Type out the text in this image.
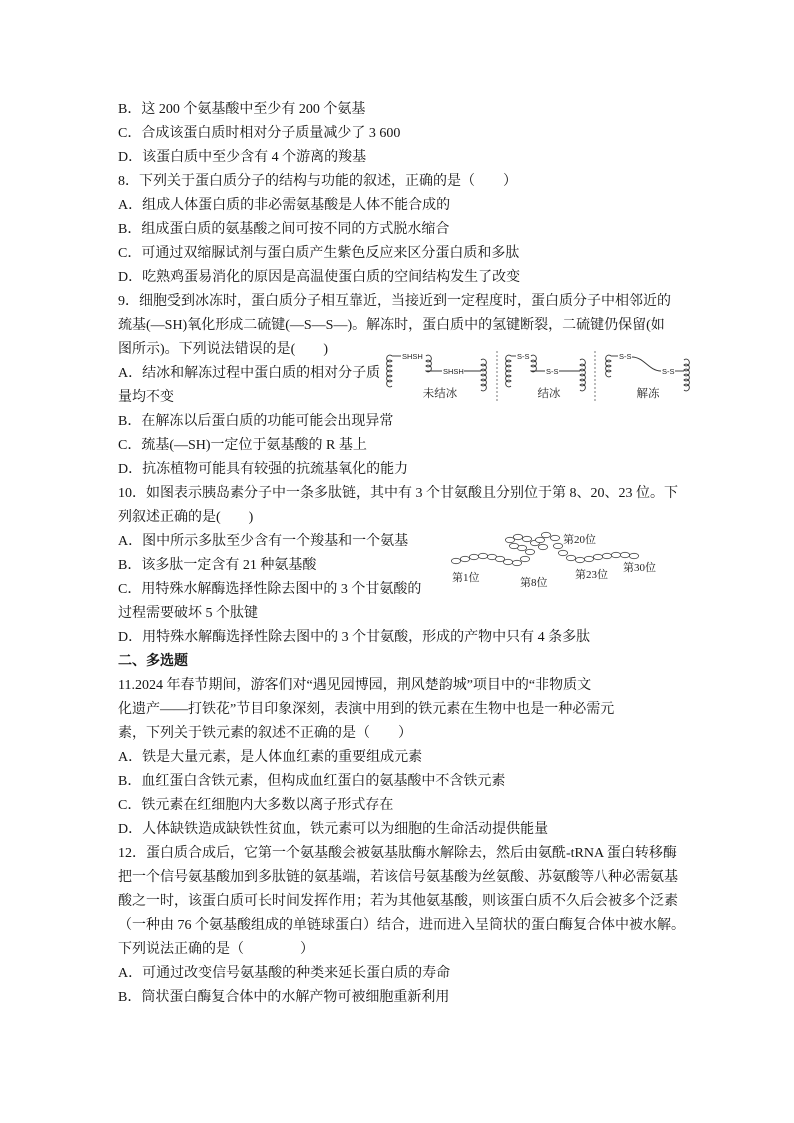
B．这 200 个氨基酸中至少有 200 个氨基
C．合成该蛋白质时相对分子质量减少了 3 600
D．该蛋白质中至少含有 4 个游离的羧基
8．下列关于蛋白质分子的结构与功能的叙述，正确的是（　　）
A．组成人体蛋白质的非必需氨基酸是人体不能合成的
B．组成蛋白质的氨基酸之间可按不同的方式脱水缩合
C．可通过双缩脲试剂与蛋白质产生紫色反应来区分蛋白质和多肽
D．吃熟鸡蛋易消化的原因是高温使蛋白质的空间结构发生了改变
9．细胞受到冰冻时，蛋白质分子相互靠近，当接近到一定程度时，蛋白质分子中相邻近的
巯基(—SH)氧化形成二硫键(—S—S—)。解冻时，蛋白质中的氢键断裂，二硫键仍保留(如
图所示)。下列说法错误的是(　　)
A．结冰和解冻过程中蛋白质的相对分子质
量均不变
B．在解冻以后蛋白质的功能可能会出现异常
C．巯基(—SH)一定位于氨基酸的 R 基上
D．抗冻植物可能具有较强的抗巯基氧化的能力
10．如图表示胰岛素分子中一条多肽链，其中有 3 个甘氨酸且分别位于第 8、20、23 位。下
列叙述正确的是(　　)
A．图中所示多肽至少含有一个羧基和一个氨基
B．该多肽一定含有 21 种氨基酸
C．用特殊水解酶选择性除去图中的 3 个甘氨酸的
过程需要破坏 5 个肽键
D．用特殊水解酶选择性除去图中的 3 个甘氨酸，形成的产物中只有 4 条多肽
二、多选题
11.2024 年春节期间，游客们对“遇见园博园，荆风楚韵城”项目中的“非物质文
化遗产——打铁花”节目印象深刻，表演中用到的铁元素在生物中也是一种必需元
素，下列关于铁元素的叙述不正确的是（　　）
A．铁是大量元素，是人体血红素的重要组成元素
B．血红蛋白含铁元素，但构成血红蛋白的氨基酸中不含铁元素
C．铁元素在红细胞内大多数以离子形式存在
D．人体缺铁造成缺铁性贫血，铁元素可以为细胞的生命活动提供能量
12．蛋白质合成后，它第一个氨基酸会被氨基肽酶水解除去，然后由氨酰-tRNA 蛋白转移酶
把一个信号氨基酸加到多肽链的氨基端，若该信号氨基酸为丝氨酸、苏氨酸等八种必需氨基
酸之一时，该蛋白质可长时间发挥作用；若为其他氨基酸，则该蛋白质不久后会被多个泛素
（一种由 76 个氨基酸组成的单链球蛋白）结合，进而进入呈筒状的蛋白酶复合体中被水解。
下列说法正确的是（　　　　）
A．可通过改变信号氨基酸的种类来延长蛋白质的寿命
B．筒状蛋白酶复合体中的水解产物可被细胞重新利用
SHSH
SHSH
未结冰
S-S
S-S
结冰
S-S
S-S
解冻
第1位	第8位
第20位
第23位
第30位
